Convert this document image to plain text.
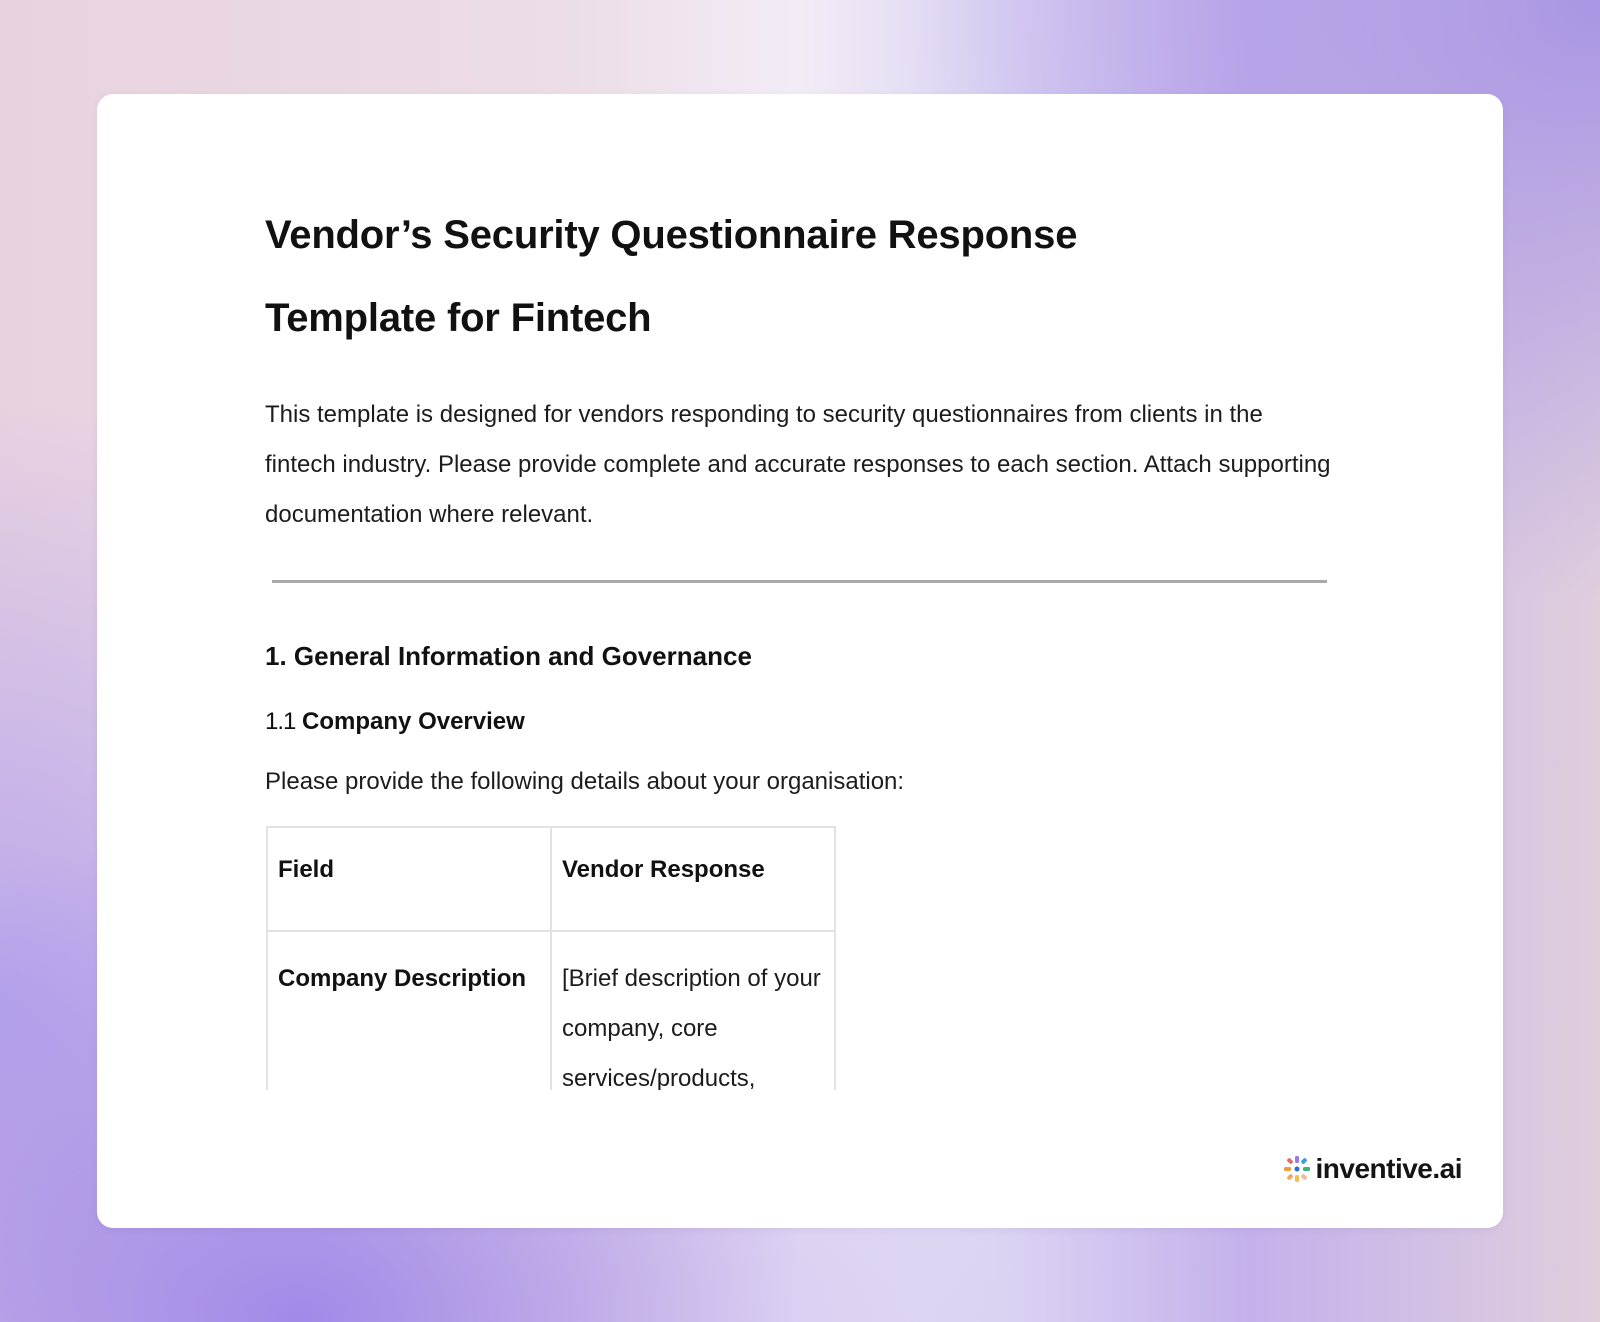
Vendor’s Security Questionnaire Response
Template for Fintech

This template is designed for vendors responding to security questionnaires from clients in the fintech industry. Please provide complete and accurate responses to each section. Attach supporting documentation where relevant.

1. General Information and Governance
1.1 Company Overview

Please provide the following details about your organisation:

Field	Vendor Response
Company Description	[Brief description of your company, core services/products,
inventive.ai
